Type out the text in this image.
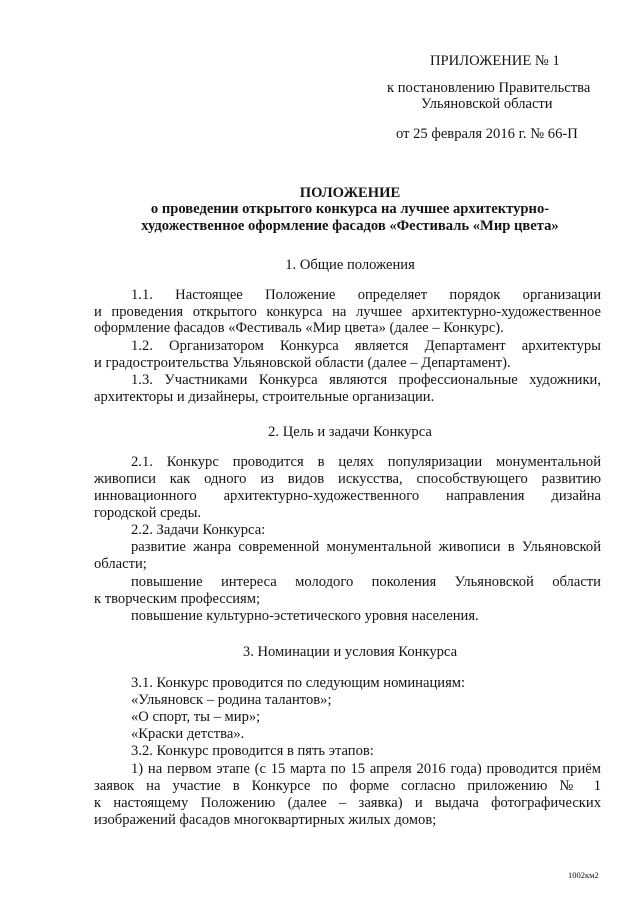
ПРИЛОЖЕНИЕ № 1
к постановлению Правительства
Ульяновской области
от 25 февраля 2016 г. № 66-П
ПОЛОЖЕНИЕ
о проведении открытого конкурса на лучшее архитектурно-
художественное оформление фасадов «Фестиваль «Мир цвета»
1. Общие положения
1.1. Настоящее Положение определяет порядок организации
и проведения открытого конкурса на лучшее архитектурно-художественное
оформление фасадов «Фестиваль «Мир цвета» (далее – Конкурс).
1.2. Организатором Конкурса является Департамент архитектуры
и градостроительства Ульяновской области (далее – Департамент).
1.3. Участниками Конкурса являются профессиональные художники,
архитекторы и дизайнеры, строительные организации.
2. Цель и задачи Конкурса
2.1. Конкурс проводится в целях популяризации монументальной
живописи как одного из видов искусства, способствующего развитию
инновационного архитектурно-художественного направления дизайна
городской среды.
2.2. Задачи Конкурса:
развитие жанра современной монументальной живописи в Ульяновской
области;
повышение интереса молодого поколения Ульяновской области
к творческим профессиям;
повышение культурно-эстетического уровня населения.
3. Номинации и условия Конкурса
3.1. Конкурс проводится по следующим номинациям:
«Ульяновск – родина талантов»;
«О спорт, ты – мир»;
«Краски детства».
3.2. Конкурс проводится в пять этапов:
1) на первом этапе (с 15 марта по 15 апреля 2016 года) проводится приём
заявок на участие в Конкурсе по форме согласно приложению № 1
к настоящему Положению (далее – заявка) и выдача фотографических
изображений фасадов многоквартирных жилых домов;
1002км2
